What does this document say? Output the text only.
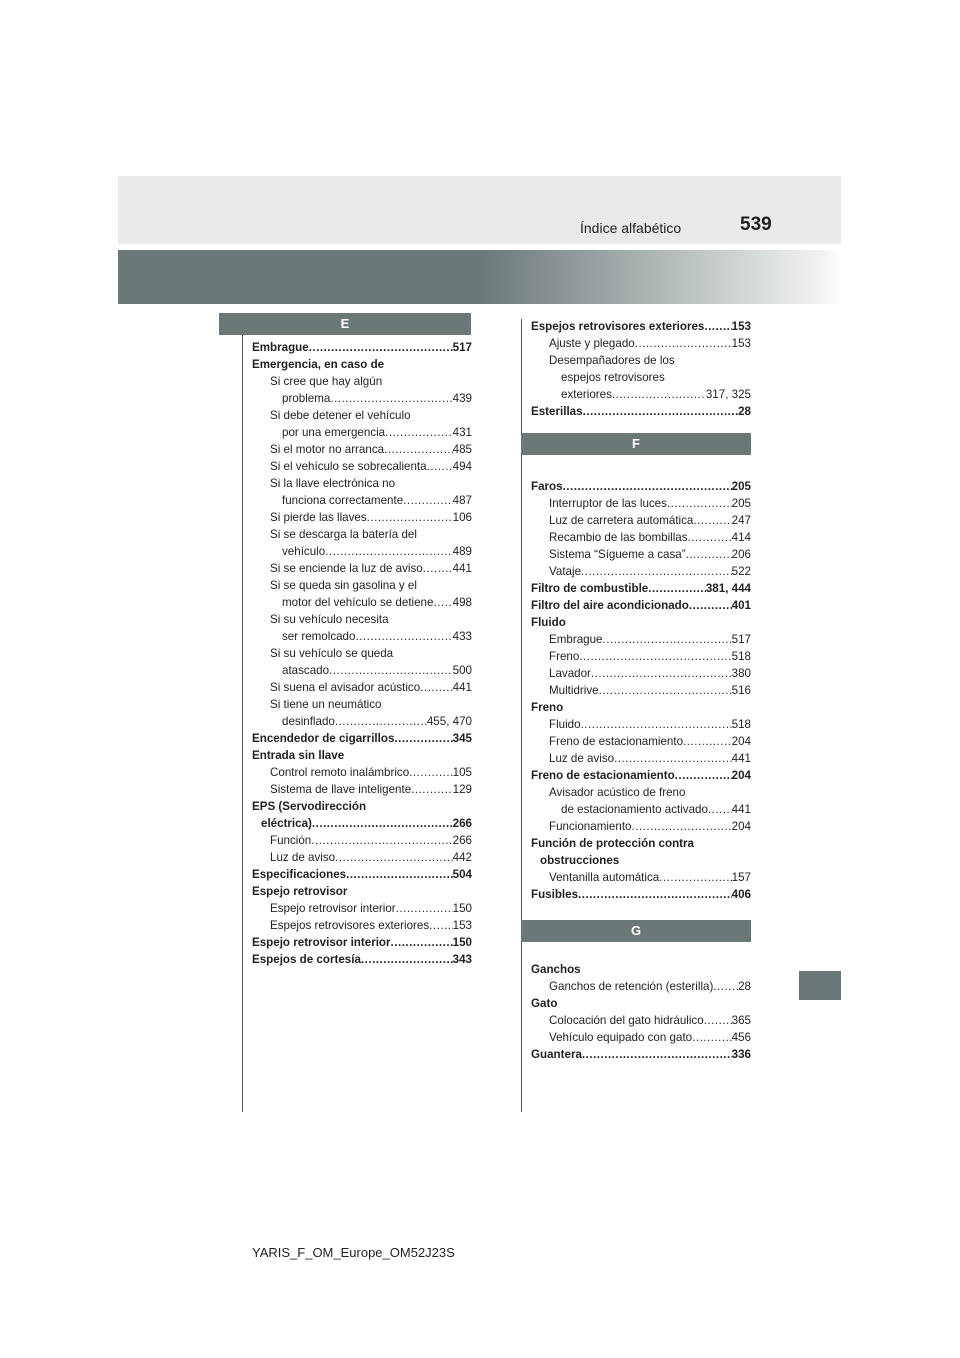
Índice alfabético	539
E
Embrague .....	517
Emergencia, en caso de
Si cree que hay algún
problema .....	439
Si debe detener el vehículo
por una emergencia .....	431
Si el motor no arranca .....	485
Si el vehículo se sobrecalienta ..... 494
Si la llave electrónica no
funciona correctamente .....	487
Si pierde las llaves .....	106
Si se descarga la batería del
vehículo .....	489
Si se enciende la luz de aviso .....	441
Si se queda sin gasolina y el
motor del vehículo se detiene ..... 498
Si su vehículo necesita
ser remolcado .....	433
Si su vehículo se queda
atascado .....	500
Si suena el avisador acústico .....	441
Si tiene un neumático
desinflado .....	455, 470
Encendedor de cigarrillos .....	345
Entrada sin llave
Control remoto inalámbrico .....	105
Sistema de llave inteligente .....	129
EPS (Servodirección
eléctrica) .....	266
Función .....	266
Luz de aviso .....	442
Especificaciones .....	504
Espejo retrovisor
Espejo retrovisor interior .....	150
Espejos retrovisores exteriores ..... 153
Espejo retrovisor interior .....	150
Espejos de cortesía .....	343
Espejos retrovisores exteriores ..... 153
Ajuste y plegado .....	153
Desempañadores de los
espejos retrovisores
exteriores .....	317, 325
Esterillas .....	28
F
Faros .....	205
Interruptor de las luces .....	205
Luz de carretera automática .....	247
Recambio de las bombillas .....	414
Sistema “Sígueme a casa” .....	206
Vataje .....	522
Filtro de combustible .....	381, 444
Filtro del aire acondicionado .....	401
Fluido
Embrague .....	517
Freno .....	518
Lavador .....	380
Multidrive .....	516
Freno
Fluido .....	518
Freno de estacionamiento .....	204
Luz de aviso .....	441
Freno de estacionamiento .....	204
Avisador acústico de freno
de estacionamiento activado ..... 441
Funcionamiento .....	204
Función de protección contra
obstrucciones
Ventanilla automática .....	157
Fusibles .....	406
G
Ganchos
Ganchos de retención (esterilla) ..... 28
Gato
Colocación del gato hidráulico ..... 365
Vehículo equipado con gato .....	456
Guantera .....	336
YARIS_F_OM_Europe_OM52J23S
